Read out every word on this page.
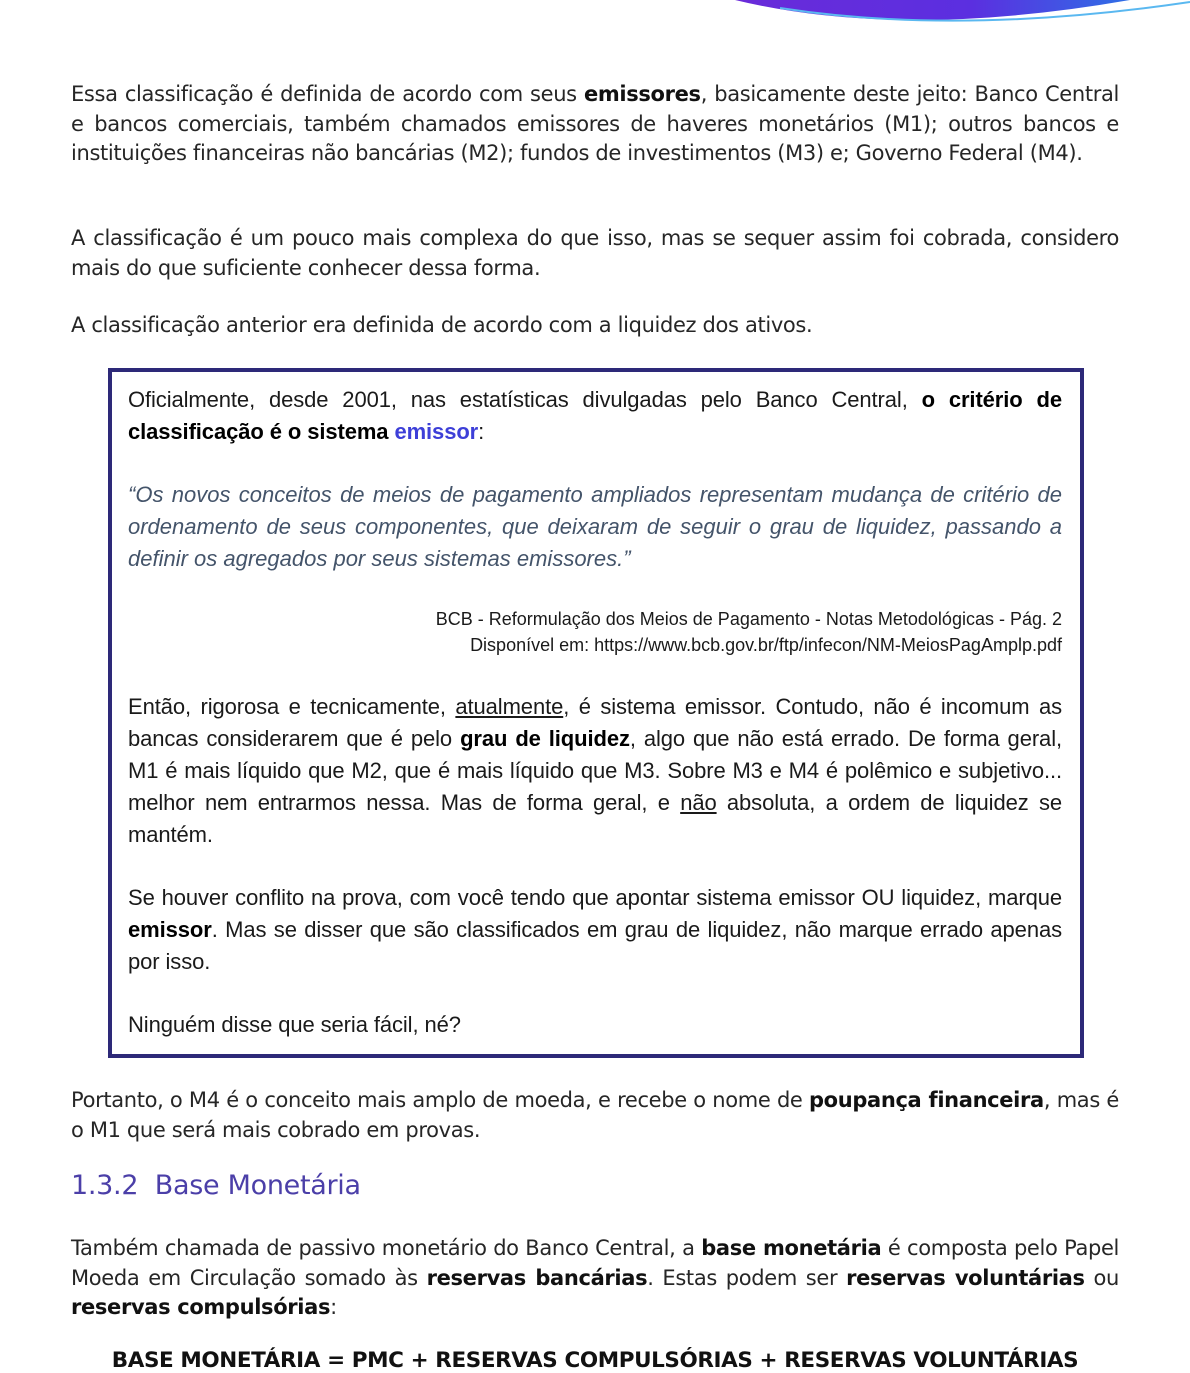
Essa classificação é definida de acordo com seus emissores, basicamente deste jeito: Banco Central e bancos comerciais, também chamados emissores de haveres monetários (M1); outros bancos e instituições financeiras não bancárias (M2); fundos de investimentos (M3) e; Governo Federal (M4).

A classificação é um pouco mais complexa do que isso, mas se sequer assim foi cobrada, considero mais do que suficiente conhecer dessa forma.

A classificação anterior era definida de acordo com a liquidez dos ativos.

Oficialmente, desde 2001, nas estatísticas divulgadas pelo Banco Central, o critério de classificação é o sistema emissor:

“Os novos conceitos de meios de pagamento ampliados representam mudança de critério de ordenamento de seus componentes, que deixaram de seguir o grau de liquidez, passando a definir os agregados por seus sistemas emissores.”

BCB - Reformulação dos Meios de Pagamento - Notas Metodológicas - Pág. 2

Disponível em: https://www.bcb.gov.br/ftp/infecon/NM-MeiosPagAmplp.pdf

Então, rigorosa e tecnicamente, atualmente, é sistema emissor. Contudo, não é incomum as bancas considerarem que é pelo grau de liquidez, algo que não está errado. De forma geral, M1 é mais líquido que M2, que é mais líquido que M3. Sobre M3 e M4 é polêmico e subjetivo... melhor nem entrarmos nessa. Mas de forma geral, e não absoluta, a ordem de liquidez se mantém.

Se houver conflito na prova, com você tendo que apontar sistema emissor OU liquidez, marque emissor. Mas se disser que são classificados em grau de liquidez, não marque errado apenas por isso.

Ninguém disse que seria fácil, né?

Portanto, o M4 é o conceito mais amplo de moeda, e recebe o nome de poupança financeira, mas é o M1 que será mais cobrado em provas.

1.3.2 Base Monetária

Também chamada de passivo monetário do Banco Central, a base monetária é composta pelo Papel Moeda em Circulação somado às reservas bancárias. Estas podem ser reservas voluntárias ou reservas compulsórias:

BASE MONETÁRIA = PMC + RESERVAS COMPULSÓRIAS + RESERVAS VOLUNTÁRIAS
